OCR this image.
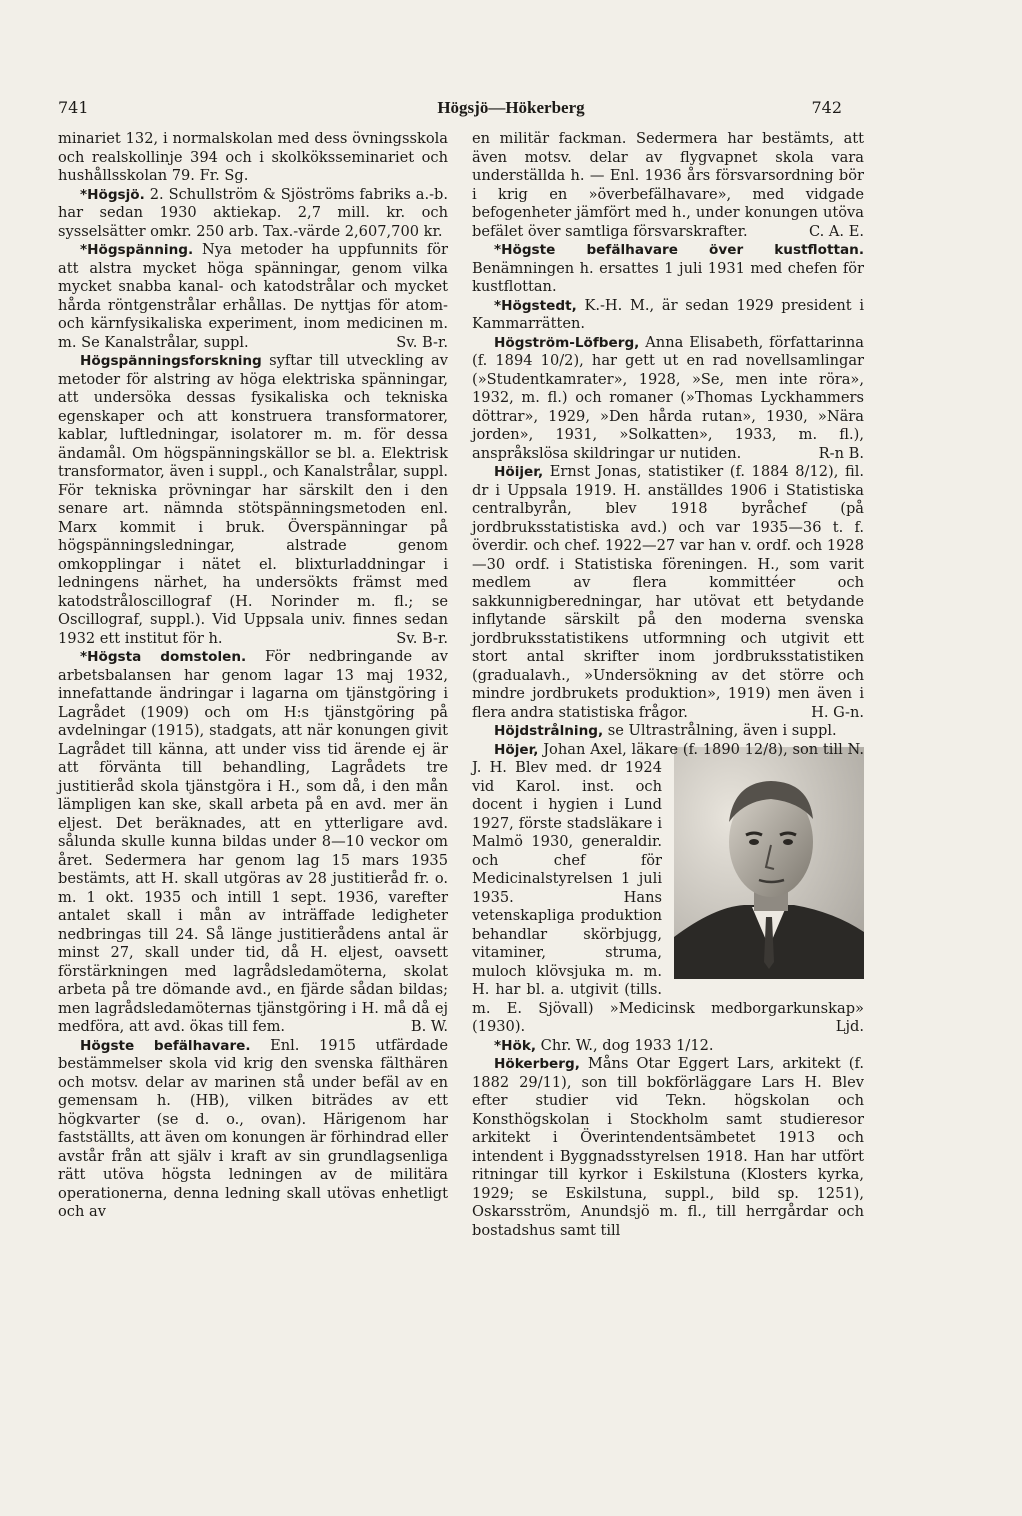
741	Högsjö—Hökerberg	742

minariet 132, i normalskolan med dess övningsskola och realskollinje 394 och i skolköksseminariet och hushållsskolan 79. Fr. Sg.

*Högsjö. 2. Schullström & Sjöströms fabriks a.-b. har sedan 1930 aktiekap. 2,7 mill. kr. och sysselsätter omkr. 250 arb. Tax.-värde 2,607,700 kr.

*Högspänning. Nya metoder ha uppfunnits för att alstra mycket höga spänningar, genom vilka mycket snabba kanal- och katodstrålar och mycket hårda röntgenstrålar erhållas. De nyttjas för atom- och kärnfysikaliska experiment, inom medicinen m. m. Se Kanalstrålar, suppl.	Sv. B-r.

Högspänningsforskning syftar till utveckling av metoder för alstring av höga elektriska spänningar, att undersöka dessas fysikaliska och tekniska egenskaper och att konstruera transformatorer, kablar, luftledningar, isolatorer m. m. för dessa ändamål. Om högspänningskällor se bl. a. Elektrisk transformator, även i suppl., och Kanalstrålar, suppl. För tekniska prövningar har särskilt den i den senare art. nämnda stötspänningsmetoden enl. Marx kommit i bruk. Överspänningar på högspänningsledningar, alstrade genom omkopplingar i nätet el. blixturladdningar i ledningens närhet, ha undersökts främst med katodstråloscillograf (H. Norinder m. fl.; se Oscillograf, suppl.). Vid Uppsala univ. finnes sedan 1932 ett institut för h.	Sv. B-r.

*Högsta domstolen. För nedbringande av arbetsbalansen har genom lagar 13 maj 1932, innefattande ändringar i lagarna om tjänstgöring i Lagrådet (1909) och om H:s tjänstgöring på avdelningar (1915), stadgats, att när konungen givit Lagrådet till känna, att under viss tid ärende ej är att förvänta till behandling, Lagrådets tre justitieråd skola tjänstgöra i H., som då, i den mån lämpligen kan ske, skall arbeta på en avd. mer än eljest. Det beräknades, att en ytterligare avd. sålunda skulle kunna bildas under 8—10 veckor om året. Sedermera har genom lag 15 mars 1935 bestämts, att H. skall utgöras av 28 justitieråd fr. o. m. 1 okt. 1935 och intill 1 sept. 1936, varefter antalet skall i mån av inträffade ledigheter nedbringas till 24. Så länge justitierådens antal är minst 27, skall under tid, då H. eljest, oavsett förstärkningen med lagrådsledamöterna, skolat arbeta på tre dömande avd., en fjärde sådan bildas; men lagrådsledamöternas tjänstgöring i H. må då ej medföra, att avd. ökas till fem.	B. W.

Högste befälhavare. Enl. 1915 utfärdade bestämmelser skola vid krig den svenska fälthären och motsv. delar av marinen stå under befäl av en gemensam h. (HB), vilken biträdes av ett högkvarter (se d. o., ovan). Härigenom har fastställts, att även om konungen är förhindrad eller avstår från att själv i kraft av sin grundlagsenliga rätt utöva högsta ledningen av de militära operationerna, denna ledning skall utövas enhetligt och av

en militär fackman. Sedermera har bestämts, att även motsv. delar av flygvapnet skola vara underställda h. — Enl. 1936 års försvarsordning bör i krig en »överbefälhavare», med vidgade befogenheter jämfört med h., under konungen utöva befälet över samtliga försvarskrafter.	C. A. E.

*Högste befälhavare över kustflottan. Benämningen h. ersattes 1 juli 1931 med chefen för kustflottan.

*Högstedt, K.-H. M., är sedan 1929 president i Kammarrätten.

Högström-Löfberg, Anna Elisabeth, författarinna (f. 1894 10/2), har gett ut en rad novellsamlingar (»Studentkamrater», 1928, »Se, men inte röra», 1932, m. fl.) och romaner (»Thomas Lyckhammers döttrar», 1929, »Den hårda rutan», 1930, »Nära jorden», 1931, »Solkatten», 1933, m. fl.), anspråkslösa skildringar ur nutiden.	R-n B.

Höijer, Ernst Jonas, statistiker (f. 1884 8/12), fil. dr i Uppsala 1919. H. anställdes 1906 i Statistiska centralbyrån, blev 1918 byråchef (på jordbruksstatistiska avd.) och var 1935—36 t. f. överdir. och chef. 1922—27 var han v. ordf. och 1928—30 ordf. i Statistiska föreningen. H., som varit medlem av flera kommittéer och sakkunnigberedningar, har utövat ett betydande inflytande särskilt på den moderna svenska jordbruksstatistikens utformning och utgivit ett stort antal skrifter inom jordbruksstatistiken (gradualavh., »Undersökning av det större och mindre jordbrukets produktion», 1919) men även i flera andra statistiska frågor.	H. G-n.

Höjdstrålning, se Ultrastrålning, även i suppl.

Höjer,
Johan Axel, läkare (f. 1890 12/8), son till N. J. H. Blev med. dr 1924 vid Karol. inst. och docent i hygien i Lund 1927, förste stadsläkare i Malmö 1930, generaldir. och chef för Medicinalstyrelsen 1 juli 1935. Hans vetenskapliga produktion behandlar skörbjugg, vitaminer, struma, muloch klövsjuka m. m. H. har bl. a. utgivit (tills. m. E. Sjövall) »Medicinsk medborgarkunskap» (1930).	Ljd.

*Hök, Chr. W., dog 1933 1/12.

Hökerberg, Måns Otar Eggert Lars, arkitekt (f. 1882 29/11), son till bokförläggare Lars H. Blev efter studier vid Tekn. högskolan och Konsthögskolan i Stockholm samt studieresor arkitekt i Överintendentsämbetet 1913 och intendent i Byggnadsstyrelsen 1918. Han har utfört ritningar till kyrkor i Eskilstuna (Klosters kyrka, 1929; se Eskilstuna, suppl., bild sp. 1251), Oskarsström, Anundsjö m. fl., till herrgårdar och bostadshus samt till
